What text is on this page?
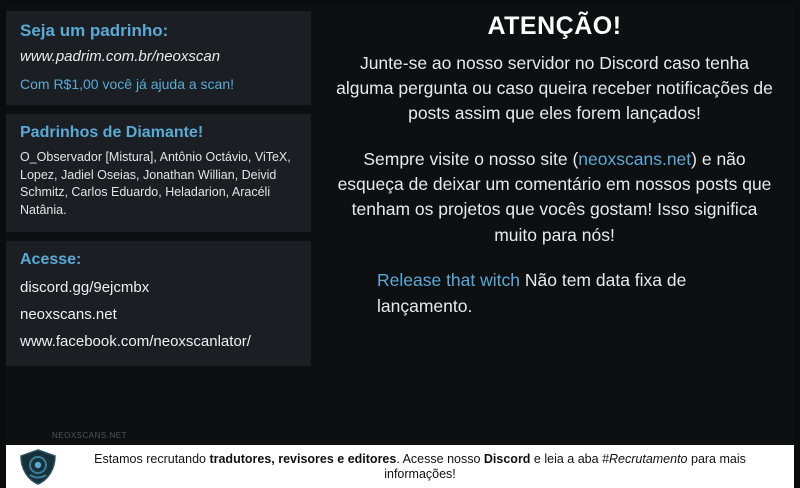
Seja um padrinho:
www.padrim.com.br/neoxscan
Com R$1,00 você já ajuda a scan!
Padrinhos de Diamante!
O_Observador [Mistura], Antônio Octávio, ViTeX, Lopez, Jadiel Oseias, Jonathan Willian, Deivid Schmitz, Carlos Eduardo, Heladarion, Aracéli Natânia.
Acesse:
discord.gg/9ejcmbx
neoxscans.net
www.facebook.com/neoxscanlator/
ATENÇÃO!

Junte-se ao nosso servidor no Discord caso tenha alguma pergunta ou caso queira receber notificações de posts assim que eles forem lançados!

Sempre visite o nosso site (neoxscans.net) e não esqueça de deixar um comentário em nossos posts que tenham os projetos que vocês gostam! Isso significa muito para nós!

Release that witch Não tem data fixa de lançamento.

NEOXSCANS.NET
Estamos recrutando tradutores, revisores e editores. Acesse nosso Discord e leia a aba #Recrutamento para mais informações!
